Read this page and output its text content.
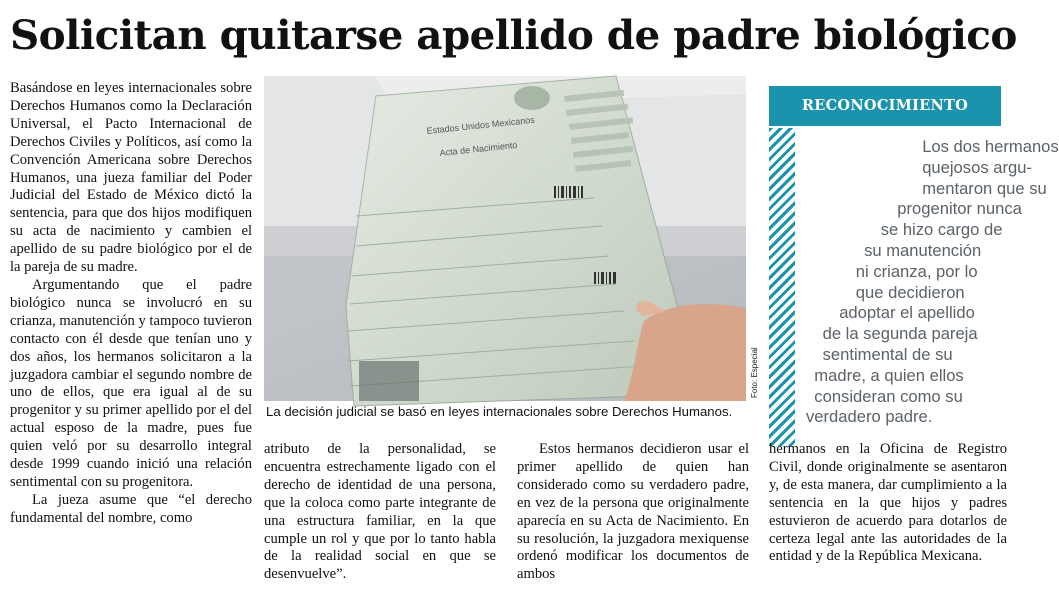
Solicitan quitarse apellido de padre biológico

Basándose en leyes internacionales sobre Derechos Humanos como la Declaración Universal, el Pacto Internacional de Derechos Civiles y Políticos, así como la Convención Americana sobre Derechos Humanos, una jueza familiar del Poder Judicial del Estado de México dictó la sentencia, para que dos hijos modifiquen su acta de nacimiento y cambien el apellido de su padre biológico por el de la pareja de su madre.

Argumentando que el padre biológico nunca se involucró en su crianza, manutención y tampoco tuvieron contacto con él desde que tenían uno y dos años, los hermanos solicitaron a la juzgadora cambiar el segundo nombre de uno de ellos, que era igual al de su progenitor y su primer apellido por el del actual esposo de la madre, pues fue quien veló por su desarrollo integral desde 1999 cuando inició una relación sentimental con su progenitora.

La jueza asume que “el derecho fundamental del nombre, como

Estados Unidos Mexicanos
Acta de Nacimiento
Foto: Especial
La decisión judicial se basó en leyes internacionales sobre Derechos Humanos.
RECONOCIMIENTO
Los dos hermanos
quejosos argu-
mentaron que su
progenitor nunca
se hizo cargo de
su manutención
ni crianza, por lo
que decidieron
adoptar el apellido
de la segunda pareja
sentimental de su
madre, a quien ellos
consideran como su
verdadero padre.

atributo de la personalidad, se encuentra estrechamente ligado con el derecho de identidad de una persona, que la coloca como parte integrante de una estructura familiar, en la que cumple un rol y que por lo tanto habla de la realidad social en que se desenvuelve”.

Estos hermanos decidieron usar el primer apellido de quien han considerado como su verdadero padre, en vez de la persona que originalmente aparecía en su Acta de Nacimiento. En su resolución, la juzgadora mexiquense ordenó modificar los documentos de ambos

hermanos en la Oficina de Registro Civil, donde originalmente se asentaron y, de esta manera, dar cumplimiento a la sentencia en la que hijos y padres estuvieron de acuerdo para dotarlos de certeza legal ante las autoridades de la entidad y de la República Mexicana.
